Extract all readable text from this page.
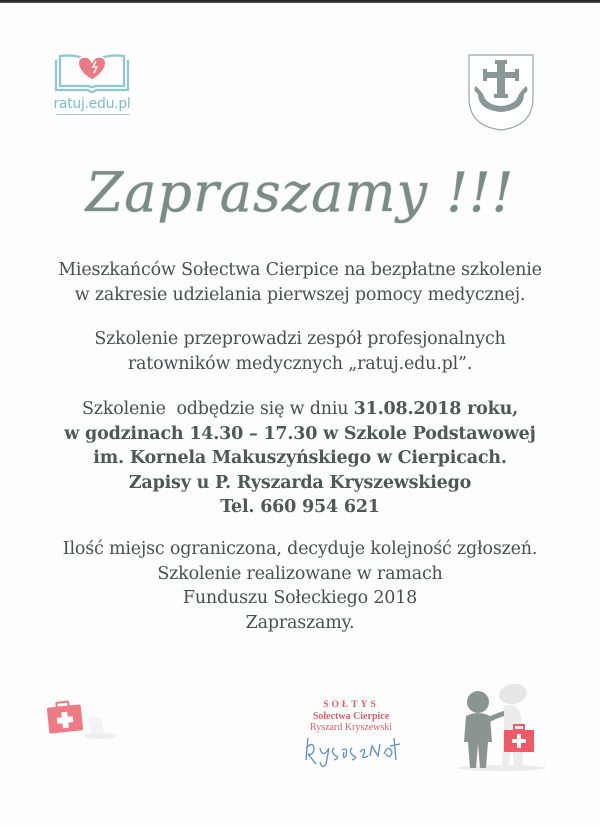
ratuj.edu.pl
Zapraszamy !!!
Mieszkańców Sołectwa Cierpice na bezpłatne szkolenie
w zakresie udzielania pierwszej pomocy medycznej.
Szkolenie przeprowadzi zespół profesjonalnych
ratowników medycznych „ratuj.edu.pl”.
Szkolenie  odbędzie się w dniu 31.08.2018 roku,
w godzinach 14.30 – 17.30 w Szkole Podstawowej
im. Kornela Makuszyńskiego w Cierpicach.
Zapisy u P. Ryszarda Kryszewskiego
Tel. 660 954 621
Ilość miejsc ograniczona, decyduje kolejność zgłoszeń.
Szkolenie realizowane w ramach
Funduszu Sołeckiego 2018
Zapraszamy.
SOŁTYS
Sołectwa Cierpice
Ryszard Kryszewski
